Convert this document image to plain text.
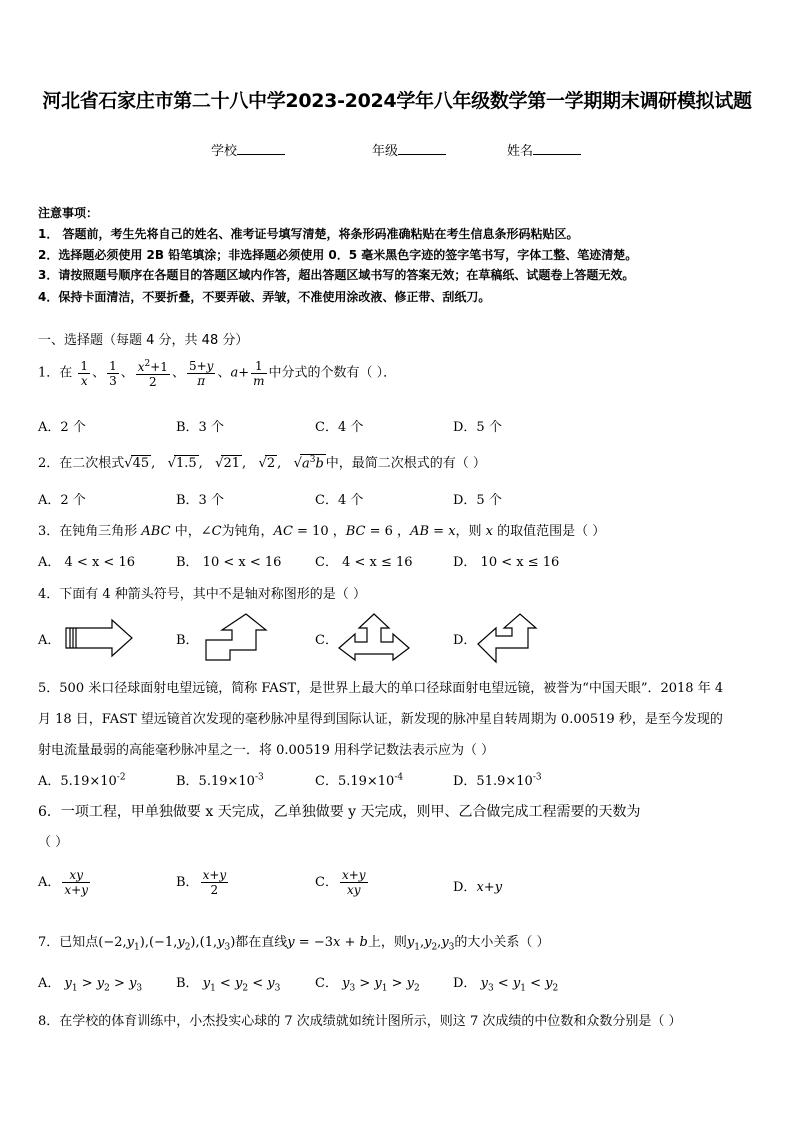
河北省石家庄市第二十八中学2023-2024学年八年级数学第一学期期末调研模拟试题
学校	年级	姓名
注意事项：
1． 答题前，考生先将自己的姓名、准考证号填写清楚，将条形码准确粘贴在考生信息条形码粘贴区。
2．选择题必须使用 2B 铅笔填涂；非选择题必须使用 0．5 毫米黑色字迹的签字笔书写，字体工整、笔迹清楚。
3．请按照题号顺序在各题目的答题区域内作答，超出答题区域书写的答案无效；在草稿纸、试题卷上答题无效。
4．保持卡面清洁，不要折叠，不要弄破、弄皱，不准使用涂改液、修正带、刮纸刀。
一、选择题（每题 4 分，共 48 分）
1．在 $\frac{1}{x}$ 、 $\frac{1}{3}$ 、 $\frac{x^2+1}{2}$ 、 $\frac{5+y}{\pi}$ 、$a+ \frac{1}{m}$ 中分式的个数有（ ）．
A．2 个	B．3 个	C．4 个	D．5 个
2．在二次根式√45 ,   √1.5 ,   √21 ,   √2 ,   $√a^3b$ 中，最简二次根式的有（ ）
A．2 个	B．3 个	C．4 个	D．5 个
3．在钝角三角形 ABC 中，∠C为钝角，AC = 10 ，BC = 6 ，AB = x，则 x 的取值范围是（ ）
A． 4 < x < 16	B． 10 < x < 16	C． 4 < x ≤ 16	D． 10 < x ≤ 16
4．下面有 4 种箭头符号，其中不是轴对称图形的是（ ）
A．	B．	C．	D．
5．500 米口径球面射电望远镜，简称 FAST，是世界上最大的单口径球面射电望远镜，被誉为“中国天眼”．2018 年 4
月 18 日，FAST 望远镜首次发现的毫秒脉冲星得到国际认证，新发现的脉冲星自转周期为 0.00519 秒，是至今发现的
射电流量最弱的高能毫秒脉冲星之一．将 0.00519 用科学记数法表示应为（ ）
A．$5.19\times 10^{-2}$	B．$5.19\times 10^{-3}$	C．$5.19\times 10^{-4}$	D．$51.9\times 10^{-3}$
6．一项工程，甲单独做要 x 天完成，乙单独做要 y 天完成，则甲、乙合做完成工程需要的天数为
（ ）
A． $\frac{xy}{x+y}$	B． $\frac{x+y}{2}$	C． $\frac{x+y}{xy}$	D．x+y
7．已知点$(-2,y_1),(-1,y_2),(1,y_3)$都在直线y = −3x + b上，则$y_1,y_2,y_3$的大小关系（ ）
A． $y_1 > y_2 > y_3$	B． $y_1 < y_2 < y_3$	C． $y_3 > y_1 > y_2$	D． $y_3 < y_1 < y_2$
8．在学校的体育训练中，小杰投实心球的 7 次成绩就如统计图所示，则这 7 次成绩的中位数和众数分别是（ ）
